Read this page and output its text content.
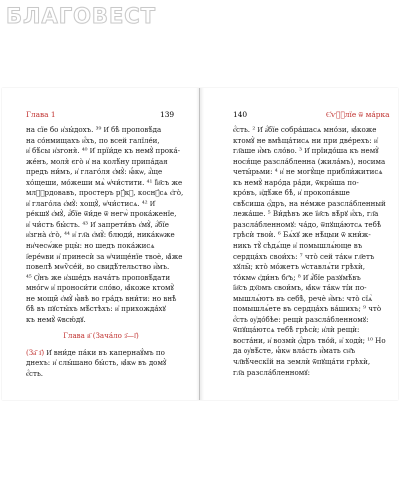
БЛАГОВЕСТ
Глава 1	139
на сїе бо и҆зы́дохъ. ³⁹ И҆ бѣ̀ проповѣ́да
на со́нмищахъ и҆́хъ, по всей галїле́и,
и҆ бѣ́сы и҆згоня̀. ⁴⁰ И҆ прїи́де къ немꙋ̀ прока́-
же́нъ, моля̀ єго̀ и҆ на колѣ́ну припа́дая
предъ ни́мъ, и҆ глаго́ля є҆мꙋ̀: ꙗ҆́кѡ, а҆́ще
хо́щеши, мо́жеши мѧ̀ ѡ҆чи́стити. ⁴¹ Ї҆и҃съ же
млⷭ҇рдовавъ, простеръ рꙋ́кꙋ, коснꙋ́сѧ є҆го̀,
и҆ глаго́ла є҆мꙋ̀: хощꙋ̀, ѡ҆чи́стисѧ. ⁴² И҆
ре́кшꙋ є҆мꙋ̀, а҆́бїе ѿи́де ѿ негѡ̀ прока́женїе,
и҆ чи́стъ бы́сть. ⁴³ И҆ запрети́въ є҆мꙋ̀, а҆́бїе
и҆згна̀ є҆го̀, ⁴⁴ и҆ гл҃а є҆мꙋ̀: блюди́, ника́кѡже
ни҆чесѡ́же рцы̀: но шедъ пока́жисѧ
і҆ере́ѡви и҆ принесѝ за ѡ҆чище́нїе твоѐ, ꙗ҆̀же
повелѣ̀ мѡѷсе́й, во свидѣ́тельство и҆̀мъ.
⁴⁵ Ѻ҆́нъ же и҆зше́дъ нача́тъ проповѣ́дати
мно́гѡ и҆ проноси́ти сло́во, ꙗ҆́коже ктомꙋ̀
не мощи̑ є҆мꙋ̀ ꙗ҆̀вѣ во гра́дъ вни́ти: но внѣ̀
бѣ̀ въ пꙋсты́хъ мѣ́стѣхъ: и҆ прихожда́хꙋ
къ немꙋ̀ ѿвсю́дꙋ.
Глава в҃ (Зача́ло з҃—і҃)
(За҄ з҃) И҆ вни́де па́ки въ капернаꙋ́мъ по
днехъ: и҆ слы́шано бы́сть, ꙗ҆́кѡ въ домꙋ̀
є҆́сть.
140	Є҆ѵⷢ҇лїе ѿ ма́рка
є҆́сть. ² И҆ а҆́бїе собра́шасѧ мно́зи, ꙗ҆́коже
ктомꙋ̀ не вмѣща́тисѧ ни при две́рехъ: и҆
гл҃аше и҆̀мъ сло́во. ³ И҆ прїидо́ша къ немꙋ̀
нося́ще разсла́бленна (жила́мъ), носима
четы́рьми: ⁴ и҆ не могꙋ́ще прибли́житисѧ
къ немꙋ̀ наро́да ра́ди, ѿкры́ша по-
кро́въ, и҆дѣ́же бѣ̀, и҆ прокопа́вше
свѣ́сиша ѻ҆́дръ, на не́мже разсла́бленный
лежа́ше. ⁵ Ви́дѣвъ же ї҆и҃съ вѣ́рꙋ и҆́хъ, гл҃а
разсла́бленномꙋ: ча́до, ѿпꙋща́ютсѧ тебѣ̀
грѣсѝ твоѝ. ⁶ Бѧ́хꙋ же нѣ́цыи ѿ кни́ж-
никъ тꙋ̀ сѣдѧ́ще и҆ помышлѧ́юще въ
сердца́хъ свои́хъ: ⁷ что̀ сей та́кѡ гл҃етъ
хꙋлы̑; кто̀ мо́жетъ ѡ҆ставлѧ́ти грѣхѝ,
то́кмѡ є҆ди́нъ бг҃ъ; ⁸ И҆ а҆́бїе разꙋмѣ́въ
ї҆и҃съ дх҃омъ свои́мъ, ꙗ҆́кѡ та́кѡ ті́и по-
мышлѧ́ютъ въ себѣ̀, речѐ и҆̀мъ: что̀ сїѧ̀
помышлѧ́ете въ сердца́хъ ва́шихъ; ⁹ что̀
є҆́сть ᲂу҆до́бѣе: рещѝ разсла́бленномꙋ:
ѿпꙋща́ютсѧ тебѣ̀ грѣсѝ; и҆лѝ рещѝ:
воста́ни, и҆ возмѝ ѻ҆́дръ тво́й, и҆ ходѝ; ¹⁰ Но
да ᲂу҆вѣ́сте, ꙗ҆́кѡ вла́сть и҆́мать сн҃ъ
чл҃вѣ́ческїй на землѝ ѿпꙋща́ти грѣхѝ,
гл҃а разсла́бленномꙋ:
